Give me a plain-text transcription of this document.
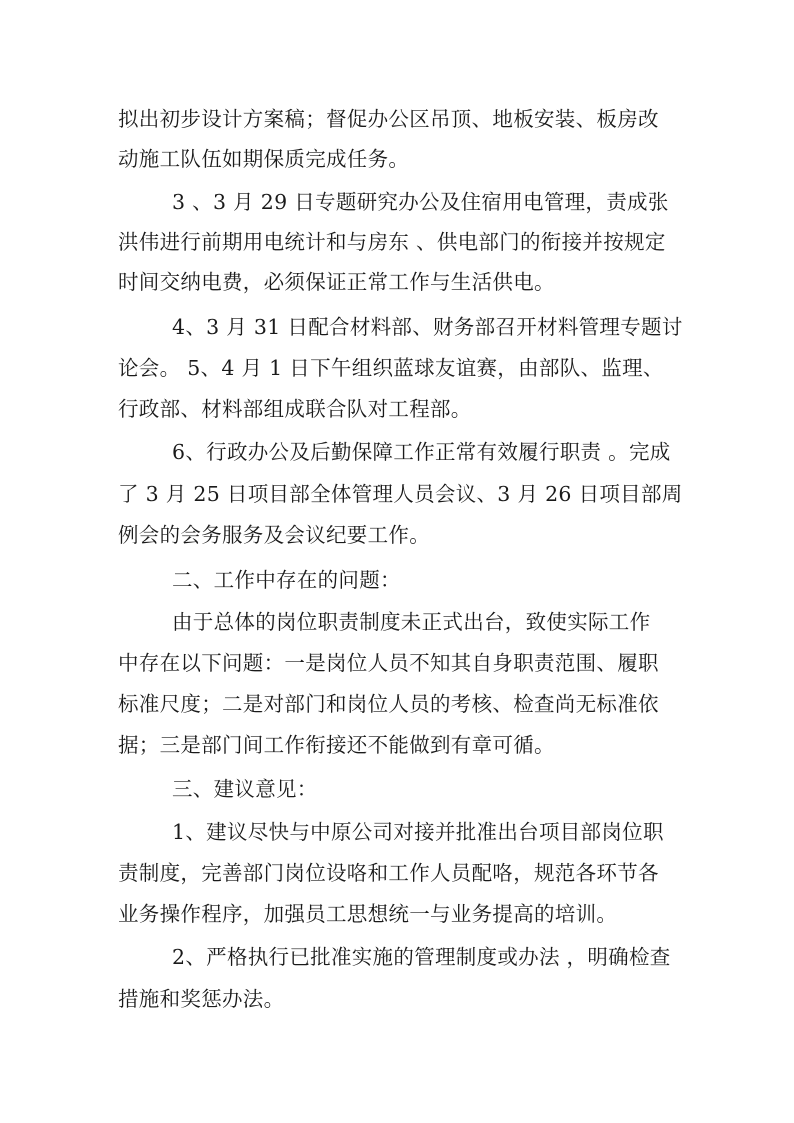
拟出初步设计方案稿；督促办公区吊顶、地板安装、板房改
动施工队伍如期保质完成任务。
3 、3 月 29 日专题研究办公及住宿用电管理，责成张
洪伟进行前期用电统计和与房东 、供电部门的衔接并按规定
时间交纳电费，必须保证正常工作与生活供电。
4、3 月 31 日配合材料部、财务部召开材料管理专题讨
论会。 5、4 月 1 日下午组织蓝球友谊赛，由部队、监理、
行政部、材料部组成联合队对工程部。
6、行政办公及后勤保障工作正常有效履行职责 。完成
了 3 月 25 日项目部全体管理人员会议、3 月 26 日项目部周
例会的会务服务及会议纪要工作。
二、工作中存在的问题：
由于总体的岗位职责制度未正式出台，致使实际工作
中存在以下问题：一是岗位人员不知其自身职责范围、履职
标准尺度；二是对部门和岗位人员的考核、检查尚无标准依
据；三是部门间工作衔接还不能做到有章可循。
三、建议意见：
1、建议尽快与中原公司对接并批准出台项目部岗位职
责制度，完善部门岗位设咯和工作人员配咯，规范各环节各
业务操作程序，加强员工思想统一与业务提高的培训。
2、严格执行已批准实施的管理制度或办法 ，明确检查
措施和奖惩办法。
